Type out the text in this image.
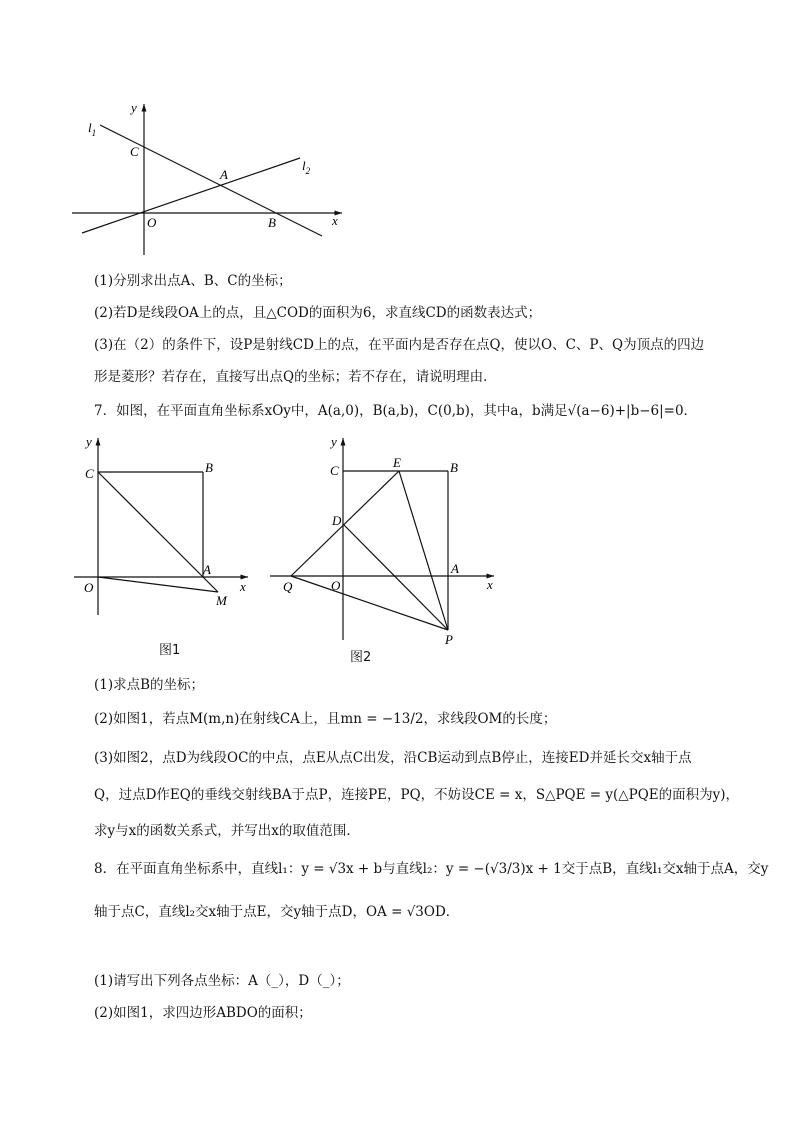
y
x
$l_1$
$l_2$
C
A
O	B
(1)分别求出点A、B、C的坐标；
(2)若D是线段OA上的点，且△COD的面积为6，求直线CD的函数表达式；
(3)在（2）的条件下，设P是射线CD上的点，在平面内是否存在点Q，使以O、C、P、Q为顶点的四边
形是菱形？若存在，直接写出点Q的坐标；若不存在，请说明理由．
7．如图，在平面直角坐标系xOy中，A(a,0)，B(a,b)，C(0,b)，其中a，b满足√(a−6)+|b−6|=0．
y
x
C	B
O
A
M
图1
y
x
C
E	B
D
Q	O
A
P
图2
(1)求点B的坐标；
(2)如图1，若点M(m,n)在射线CA上，且mn = −13/2，求线段OM的长度；
(3)如图2，点D为线段OC的中点，点E从点C出发，沿CB运动到点B停止，连接ED并延长交x轴于点
Q，过点D作EQ的垂线交射线BA于点P，连接PE，PQ，不妨设CE = x，S△PQE = y(△PQE的面积为y)，
求y与x的函数关系式，并写出x的取值范围．
8．在平面直角坐标系中，直线l₁：y = √3x + b与直线l₂：y = −(√3/3)x + 1交于点B，直线l₁交x轴于点A，交y
轴于点C，直线l₂交x轴于点E，交y轴于点D，OA = √3OD．
(1)请写出下列各点坐标：A（_），D（_）；
(2)如图1，求四边形ABDO的面积；
